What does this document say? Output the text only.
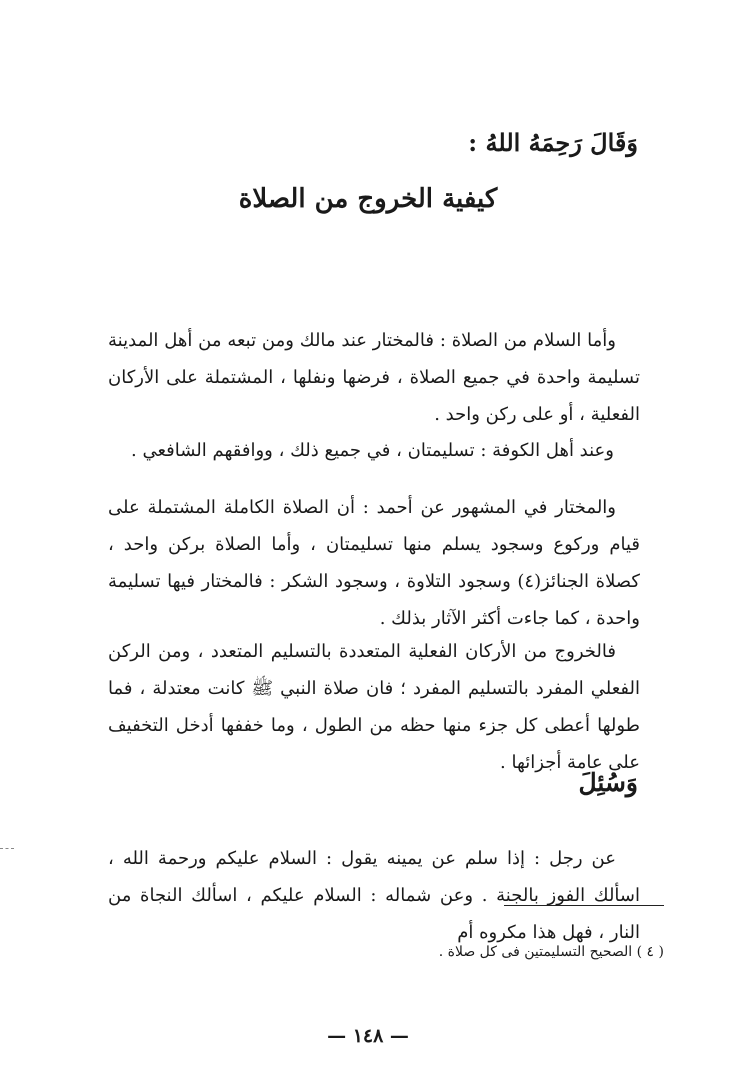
وَقَالَ رَحِمَهُ اللهُ :
كيفية الخروج من الصلاة

وأما السلام من الصلاة : فالمختار عند مالك ومن تبعه من أهل المدينة تسليمة واحدة في جميع الصلاة ، فرضها ونفلها ، المشتملة على الأركان الفعلية ، أو على ركن واحد .

وعند أهل الكوفة : تسليمتان ، في جميع ذلك ، ووافقهم الشافعي .

والمختار في المشهور عن أحمد : أن الصلاة الكاملة المشتملة على قيام وركوع وسجود يسلم منها تسليمتان ، وأما الصلاة بركن واحد ، كصلاة الجنائز(٤) وسجود التلاوة ، وسجود الشكر : فالمختار فيها تسليمة واحدة ، كما جاءت أكثر الآثار بذلك .

فالخروج من الأركان الفعلية المتعددة بالتسليم المتعدد ، ومن الركن الفعلي المفرد بالتسليم المفرد ؛ فان صلاة النبي ﷺ كانت معتدلة ، فما طولها أعطى كل جزء منها حظه من الطول ، وما خففها أدخل التخفيف على عامة أجزائها .

وَسُئِلَ

عن رجل : إذا سلم عن يمينه يقول : السلام عليكم ورحمة الله ، اسألك الفوز بالجنة . وعن شماله : السلام عليكم ، اسألك النجاة من النار ، فهل هذا مكروه أم

( ٤ ) الصحيح التسليمتين فى كل صلاة .
— ١٤٨ —
